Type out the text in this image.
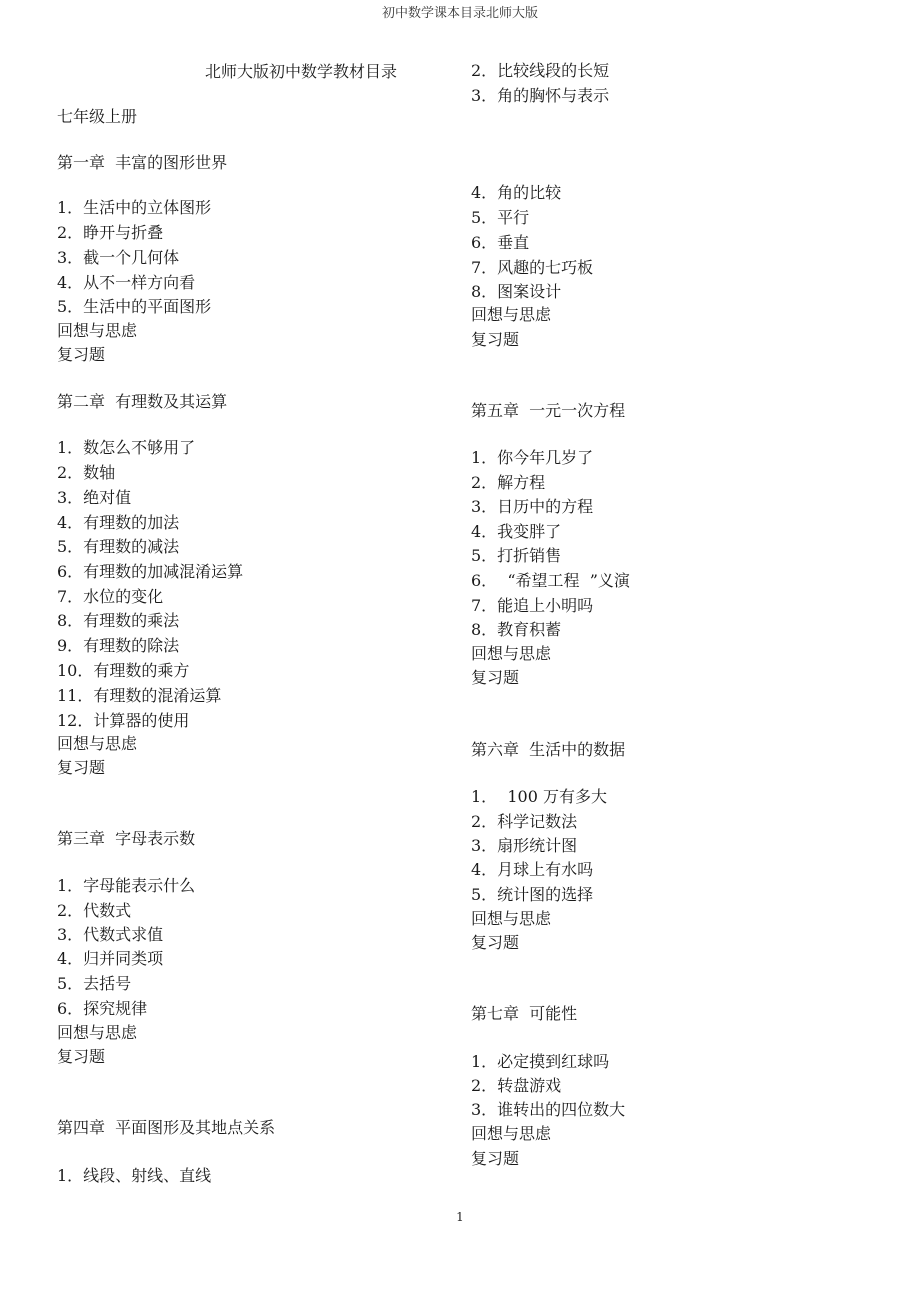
初中数学课本目录北师大版
北师大版初中数学教材目录
七年级上册
第一章  丰富的图形世界
1．生活中的立体图形
2．睁开与折叠
3．截一个几何体
4．从不一样方向看
5．生活中的平面图形
回想与思虑
复习题
第二章  有理数及其运算
1．数怎么不够用了
2．数轴
3．绝对值
4．有理数的加法
5．有理数的减法
6．有理数的加减混淆运算
7．水位的变化
8．有理数的乘法
9．有理数的除法
10．有理数的乘方
11．有理数的混淆运算
12．计算器的使用
回想与思虑
复习题
第三章  字母表示数
1．字母能表示什么
2．代数式
3．代数式求值
4．归并同类项
5．去括号
6．探究规律
回想与思虑
复习题
第四章  平面图形及其地点关系
1．线段、射线、直线
2．比较线段的长短
3．角的胸怀与表示
4．角的比较
5．平行
6．垂直
7．风趣的七巧板
8．图案设计
回想与思虑
复习题
第五章  一元一次方程
1．你今年几岁了
2．解方程
3．日历中的方程
4．我变胖了
5．打折销售
6．  “希望工程  ”义演
7．能追上小明吗
8．教育积蓄
回想与思虑
复习题
第六章  生活中的数据
1．  100 万有多大
2．科学记数法
3．扇形统计图
4．月球上有水吗
5．统计图的选择
回想与思虑
复习题
第七章  可能性
1．必定摸到红球吗
2．转盘游戏
3．谁转出的四位数大
回想与思虑
复习题
1
